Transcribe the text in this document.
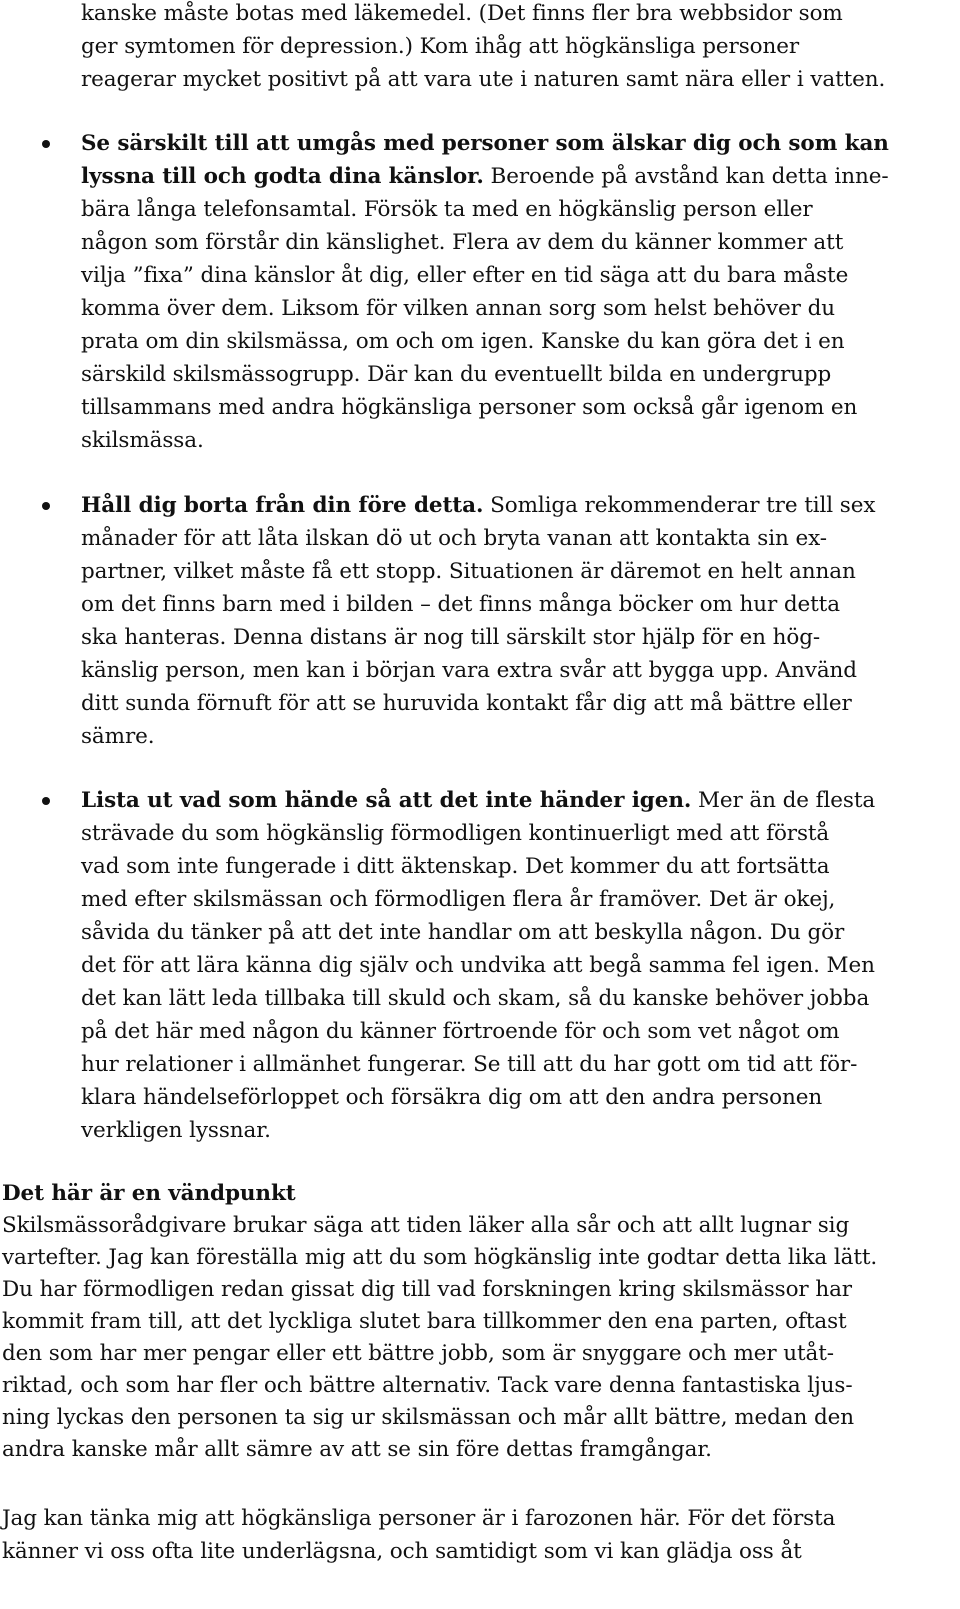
kanske måste botas med läkemedel. (Det finns fler bra webbsidor som
ger symtomen för depression.) Kom ihåg att högkänsliga personer
reagerar mycket positivt på att vara ute i naturen samt nära eller i vatten.
Se särskilt till att umgås med personer som älskar dig och som kan
lyssna till och godta dina känslor. Beroende på avstånd kan detta inne-
bära långa telefonsamtal. Försök ta med en högkänslig person eller
någon som förstår din känslighet. Flera av dem du känner kommer att
vilja ”fixa” dina känslor åt dig, eller efter en tid säga att du bara måste
komma över dem. Liksom för vilken annan sorg som helst behöver du
prata om din skilsmässa, om och om igen. Kanske du kan göra det i en
särskild skilsmässogrupp. Där kan du eventuellt bilda en undergrupp
tillsammans med andra högkänsliga personer som också går igenom en
skilsmässa.
Håll dig borta från din före detta. Somliga rekommenderar tre till sex
månader för att låta ilskan dö ut och bryta vanan att kontakta sin ex-
partner, vilket måste få ett stopp. Situationen är däremot en helt annan
om det finns barn med i bilden – det finns många böcker om hur detta
ska hanteras. Denna distans är nog till särskilt stor hjälp för en hög-
känslig person, men kan i början vara extra svår att bygga upp. Använd
ditt sunda förnuft för att se huruvida kontakt får dig att må bättre eller
sämre.
Lista ut vad som hände så att det inte händer igen. Mer än de flesta
strävade du som högkänslig förmodligen kontinuerligt med att förstå
vad som inte fungerade i ditt äktenskap. Det kommer du att fortsätta
med efter skilsmässan och förmodligen flera år framöver. Det är okej,
såvida du tänker på att det inte handlar om att beskylla någon. Du gör
det för att lära känna dig själv och undvika att begå samma fel igen. Men
det kan lätt leda tillbaka till skuld och skam, så du kanske behöver jobba
på det här med någon du känner förtroende för och som vet något om
hur relationer i allmänhet fungerar. Se till att du har gott om tid att för-
klara händelseförloppet och försäkra dig om att den andra personen
verkligen lyssnar.
Det här är en vändpunkt
Skilsmässorådgivare brukar säga att tiden läker alla sår och att allt lugnar sig
vartefter. Jag kan föreställa mig att du som högkänslig inte godtar detta lika lätt.
Du har förmodligen redan gissat dig till vad forskningen kring skilsmässor har
kommit fram till, att det lyckliga slutet bara tillkommer den ena parten, oftast
den som har mer pengar eller ett bättre jobb, som är snyggare och mer utåt-
riktad, och som har fler och bättre alternativ. Tack vare denna fantastiska ljus-
ning lyckas den personen ta sig ur skilsmässan och mår allt bättre, medan den
andra kanske mår allt sämre av att se sin före dettas framgångar.
Jag kan tänka mig att högkänsliga personer är i farozonen här. För det första
känner vi oss ofta lite underlägsna, och samtidigt som vi kan glädja oss åt
